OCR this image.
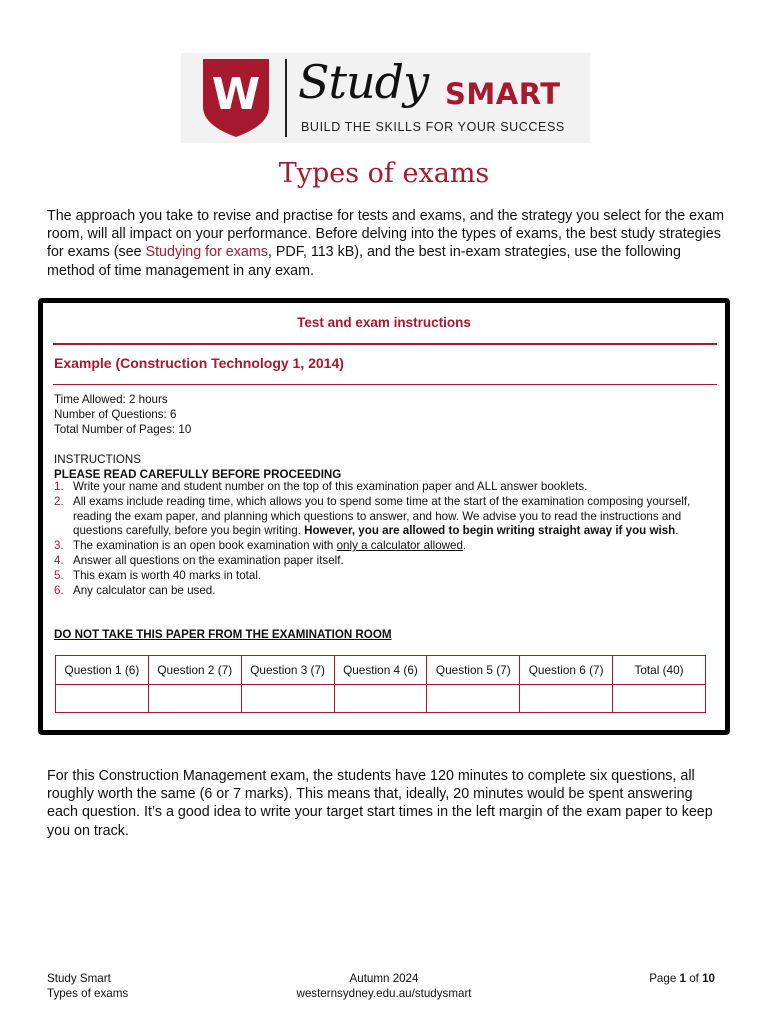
W Study SMART
BUILD THE SKILLS FOR YOUR SUCCESS
Types of exams

The approach you take to revise and practise for tests and exams, and the strategy you select for the exam room, will all impact on your performance. Before delving into the types of exams, the best study strategies for exams (see Studying for exams, PDF, 113 kB), and the best in-exam strategies, use the following method of time management in any exam.

Test and exam instructions
Example (Construction Technology 1, 2014)
Time Allowed: 2 hours
Number of Questions: 6
Total Number of Pages: 10
INSTRUCTIONS
PLEASE READ CAREFULLY BEFORE PROCEEDING
1. Write your name and student number on the top of this examination paper and ALL answer booklets.
2. All exams include reading time, which allows you to spend some time at the start of the examination composing yourself, reading the exam paper, and planning which questions to answer, and how. We advise you to read the instructions and questions carefully, before you begin writing. However, you are allowed to begin writing straight away if you wish.
3. The examination is an open book examination with only a calculator allowed.
4. Answer all questions on the examination paper itself.
5. This exam is worth 40 marks in total.
6. Any calculator can be used.
DO NOT TAKE THIS PAPER FROM THE EXAMINATION ROOM
Question 1 (6)	Question 2 (7)	Question 3 (7)	Question 4 (6)	Question 5 (7)	Question 6 (7)	Total (40)

For this Construction Management exam, the students have 120 minutes to complete six questions, all roughly worth the same (6 or 7 marks). This means that, ideally, 20 minutes would be spent answering each question. It’s a good idea to write your target start times in the left margin of the exam paper to keep you on track.

Study Smart
Types of exams
Autumn 2024
westernsydney.edu.au/studysmart
Page 1 of 10
